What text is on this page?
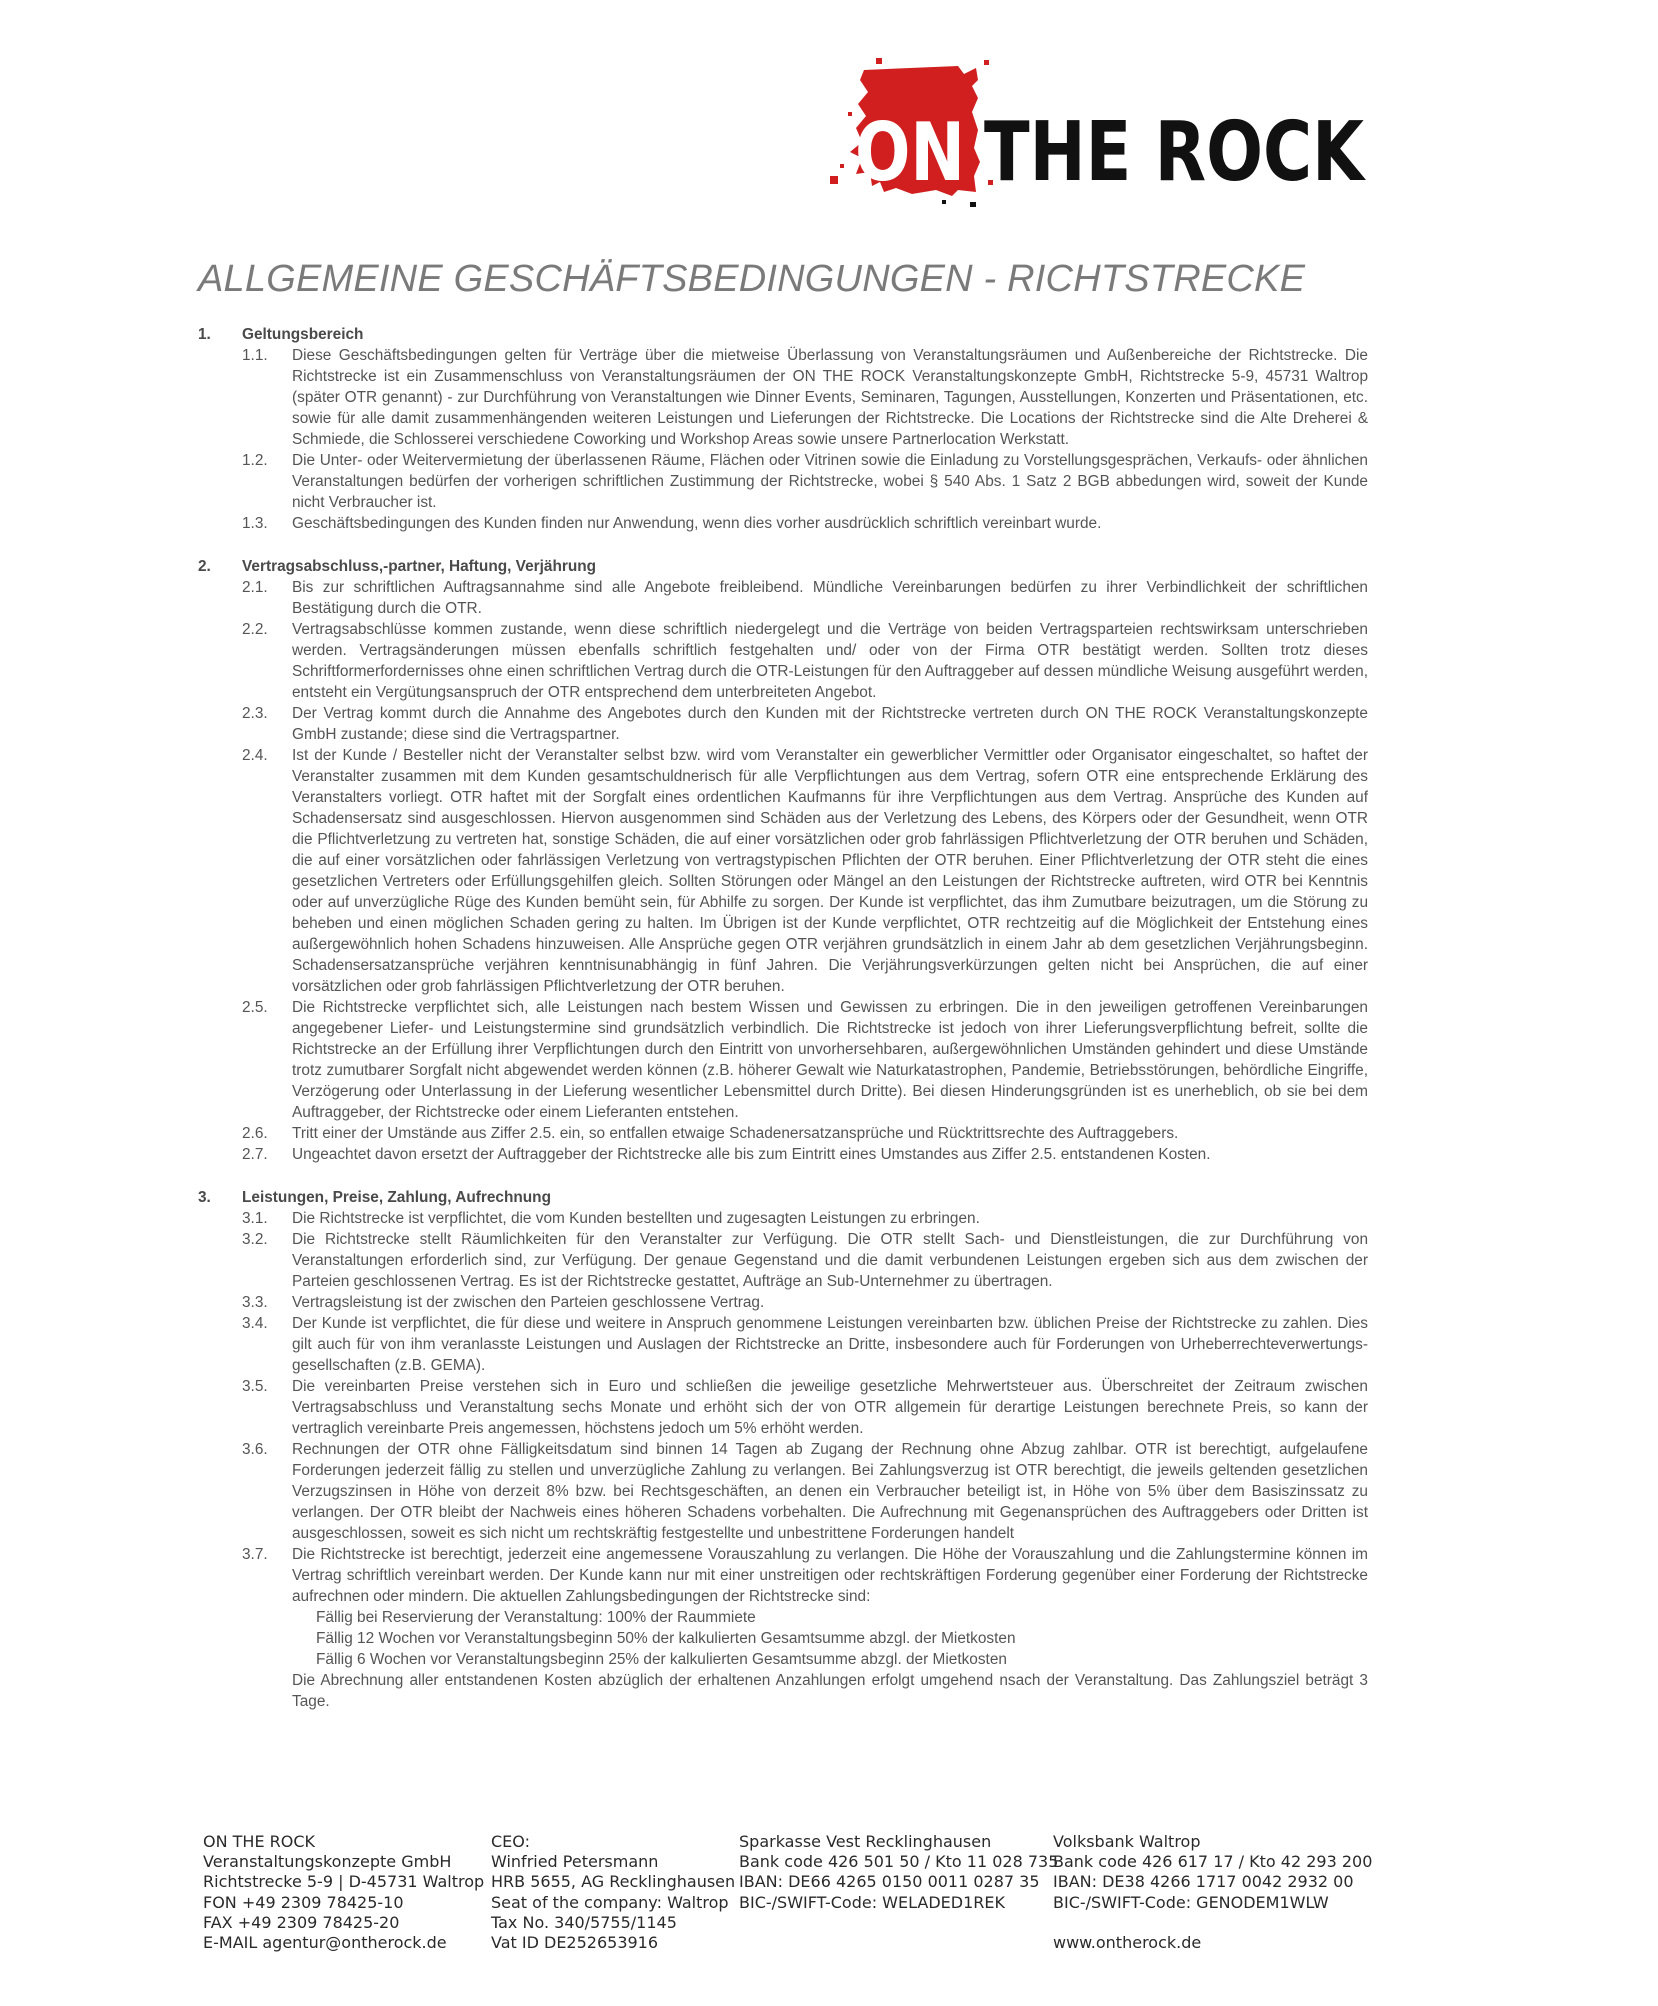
ON THE ROCK
ALLGEMEINE GESCHÄFTSBEDINGUNGEN - RICHTSTRECKE
1.	Geltungsbereich
1.1.	Diese Geschäftsbedingungen gelten für Verträge über die mietweise Überlassung von Veranstaltungsräumen und Außenbereiche der Richtstrecke. Die Richtstrecke ist ein Zusammenschluss von Veranstaltungsräumen der ON THE ROCK Veranstaltungskonzepte GmbH, Richtstrecke 5-9, 45731 Waltrop (später OTR genannt) - zur Durchführung von Veranstaltungen wie Dinner Events, Seminaren, Tagungen, Ausstellungen, Konzerten und Präsentationen, etc. sowie für alle damit zusammenhängenden weiteren Leistungen und Lieferungen der Richtstrecke. Die Locations der Richtstrecke sind die Alte Dreherei & Schmiede, die Schlosserei verschiedene Coworking und Workshop Areas sowie unsere Partnerlocation Werkstatt.
1.2.	Die Unter- oder Weitervermietung der überlassenen Räume, Flächen oder Vitrinen sowie die Einladung zu Vorstellungsgesprächen, Verkaufs- oder ähnlichen Veranstaltungen bedürfen der vorherigen schriftlichen Zustimmung der Richtstrecke, wobei § 540 Abs. 1 Satz 2 BGB abbedungen wird, soweit der Kunde nicht Verbraucher ist.
1.3.	Geschäftsbedingungen des Kunden finden nur Anwendung, wenn dies vorher ausdrücklich schriftlich vereinbart wurde.
2.	Vertragsabschluss,-partner, Haftung, Verjährung
2.1.	Bis zur schriftlichen Auftragsannahme sind alle Angebote freibleibend. Mündliche Vereinbarungen bedürfen zu ihrer Verbindlichkeit der schriftlichen Bestätigung durch die OTR.
2.2.	Vertragsabschlüsse kommen zustande, wenn diese schriftlich niedergelegt und die Verträge von beiden Vertragsparteien rechtswirksam unterschrieben werden. Vertragsänderungen müssen ebenfalls schriftlich festgehalten und/ oder von der Firma OTR bestätigt werden. Sollten trotz dieses Schriftformerfordernisses ohne einen schriftlichen Vertrag durch die OTR-Leistungen für den Auftraggeber auf dessen mündliche Weisung ausgeführt werden, entsteht ein Vergütungsanspruch der OTR entsprechend dem unterbreiteten Angebot.
2.3.	Der Vertrag kommt durch die Annahme des Angebotes durch den Kunden mit der Richtstrecke vertreten durch ON THE ROCK Veranstaltungskonzepte GmbH zustande; diese sind die Vertragspartner.
2.4.	Ist der Kunde / Besteller nicht der Veranstalter selbst bzw. wird vom Veranstalter ein gewerblicher Vermittler oder Organisator eingeschaltet, so haftet der Veranstalter zusammen mit dem Kunden gesamtschuldnerisch für alle Verpflichtungen aus dem Vertrag, sofern OTR eine entsprechende Erklärung des Veranstalters vorliegt. OTR haftet mit der Sorgfalt eines ordentlichen Kaufmanns für ihre Verpflichtungen aus dem Vertrag. Ansprüche des Kunden auf Schadensersatz sind ausgeschlossen. Hiervon ausgenommen sind Schäden aus der Verletzung des Lebens, des Körpers oder der Gesundheit, wenn OTR die Pflichtverletzung zu vertreten hat, sonstige Schäden, die auf einer vorsätzlichen oder grob fahrlässigen Pflichtverletzung der OTR beruhen und Schäden, die auf einer vorsätzlichen oder fahrlässigen Verletzung von vertragstypischen Pflichten der OTR beruhen. Einer Pflichtverletzung der OTR steht die eines gesetzlichen Vertreters oder Erfüllungsgehilfen gleich. Sollten Störungen oder Mängel an den Leistungen der Richtstrecke auftreten, wird OTR bei Kenntnis oder auf unverzügliche Rüge des Kunden bemüht sein, für Abhilfe zu sorgen. Der Kunde ist verpflichtet, das ihm Zumutbare beizutragen, um die Störung zu beheben und einen möglichen Schaden gering zu halten. Im Übrigen ist der Kunde verpflichtet, OTR rechtzeitig auf die Möglichkeit der Entstehung eines außergewöhnlich hohen Schadens hinzuweisen. Alle Ansprüche gegen OTR verjähren grundsätzlich in einem Jahr ab dem gesetzlichen Verjährungsbeginn. Schadensersatzansprüche verjähren kenntnisunabhängig in fünf Jahren. Die Verjährungsverkürzungen gelten nicht bei Ansprüchen, die auf einer vorsätzlichen oder grob fahrlässigen Pflichtverletzung der OTR beruhen.
2.5.	Die Richtstrecke verpflichtet sich, alle Leistungen nach bestem Wissen und Gewissen zu erbringen. Die in den jeweiligen getroffenen Vereinbarungen angegebener Liefer- und Leistungstermine sind grundsätzlich verbindlich. Die Richtstrecke ist jedoch von ihrer Lieferungsverpflichtung befreit, sollte die Richtstrecke an der Erfüllung ihrer Verpflichtungen durch den Eintritt von unvorhersehbaren, außergewöhnlichen Umständen gehindert und diese Umstände trotz zumutbarer Sorgfalt nicht abgewendet werden können (z.B. höherer Gewalt wie Naturkatastrophen, Pandemie, Betriebsstörungen, behördliche Eingriffe, Verzögerung oder Unterlassung in der Lieferung wesentlicher Lebensmittel durch Dritte). Bei diesen Hinderungsgründen ist es unerheblich, ob sie bei dem Auftraggeber, der Richtstrecke oder einem Lieferanten entstehen.
2.6.	Tritt einer der Umstände aus Ziffer 2.5. ein, so entfallen etwaige Schadenersatzansprüche und Rücktrittsrechte des Auftraggebers.
2.7.	Ungeachtet davon ersetzt der Auftraggeber der Richtstrecke alle bis zum Eintritt eines Umstandes aus Ziffer 2.5. entstandenen Kosten.
3.	Leistungen, Preise, Zahlung, Aufrechnung
3.1.	Die Richtstrecke ist verpflichtet, die vom Kunden bestellten und zugesagten Leistungen zu erbringen.
3.2.	Die Richtstrecke stellt Räumlichkeiten für den Veranstalter zur Verfügung. Die OTR stellt Sach- und Dienstleistungen, die zur Durchführung von Veranstaltungen erforderlich sind, zur Verfügung. Der genaue Gegenstand und die damit verbundenen Leistungen ergeben sich aus dem zwischen der Parteien geschlossenen Vertrag. Es ist der Richtstrecke gestattet, Aufträge an Sub-Unternehmer zu übertragen.
3.3.	Vertragsleistung ist der zwischen den Parteien geschlossene Vertrag.
3.4.	Der Kunde ist verpflichtet, die für diese und weitere in Anspruch genommene Leistungen vereinbarten bzw. üblichen Preise der Richtstrecke zu zahlen. Dies gilt auch für von ihm veranlasste Leistungen und Auslagen der Richtstrecke an Dritte, insbesondere auch für Forderungen von Urheberrechteverwertungs-gesellschaften (z.B. GEMA).
3.5.	Die vereinbarten Preise verstehen sich in Euro und schließen die jeweilige gesetzliche Mehrwertsteuer aus. Überschreitet der Zeitraum zwischen Vertragsabschluss und Veranstaltung sechs Monate und erhöht sich der von OTR allgemein für derartige Leistungen berechnete Preis, so kann der vertraglich vereinbarte Preis angemessen, höchstens jedoch um 5% erhöht werden.
3.6.	Rechnungen der OTR ohne Fälligkeitsdatum sind binnen 14 Tagen ab Zugang der Rechnung ohne Abzug zahlbar. OTR ist berechtigt, aufgelaufene Forderungen jederzeit fällig zu stellen und unverzügliche Zahlung zu verlangen. Bei Zahlungsverzug ist OTR berechtigt, die jeweils geltenden gesetzlichen Verzugszinsen in Höhe von derzeit 8% bzw. bei Rechtsgeschäften, an denen ein Verbraucher beteiligt ist, in Höhe von 5% über dem Basiszinssatz zu verlangen. Der OTR bleibt der Nachweis eines höheren Schadens vorbehalten. Die Aufrechnung mit Gegenansprüchen des Auftraggebers oder Dritten ist ausgeschlossen, soweit es sich nicht um rechtskräftig festgestellte und unbestrittene Forderungen handelt
3.7.	Die Richtstrecke ist berechtigt, jederzeit eine angemessene Vorauszahlung zu verlangen. Die Höhe der Vorauszahlung und die Zahlungstermine können im Vertrag schriftlich vereinbart werden. Der Kunde kann nur mit einer unstreitigen oder rechtskräftigen Forderung gegenüber einer Forderung der Richtstrecke aufrechnen oder mindern. Die aktuellen Zahlungsbedingungen der Richtstrecke sind:
Fällig bei Reservierung der Veranstaltung: 100% der Raummiete
Fällig 12 Wochen vor Veranstaltungsbeginn 50% der kalkulierten Gesamtsumme abzgl. der Mietkosten
Fällig 6 Wochen vor Veranstaltungsbeginn 25% der kalkulierten Gesamtsumme abzgl. der Mietkosten
Die Abrechnung aller entstandenen Kosten abzüglich der erhaltenen Anzahlungen erfolgt umgehend nsach der Veranstaltung. Das Zahlungsziel beträgt 3 Tage.
ON THE ROCK
Veranstaltungskonzepte GmbH
Richtstrecke 5-9 | D-45731 Waltrop
FON +49 2309 78425-10
FAX +49 2309 78425-20
E-MAIL agentur@ontherock.de
CEO:
Winfried Petersmann
HRB 5655, AG Recklinghausen
Seat of the company: Waltrop
Tax No. 340/5755/1145
Vat ID DE252653916
Sparkasse Vest Recklinghausen
Bank code 426 501 50 / Kto 11 028 735
IBAN: DE66 4265 0150 0011 0287 35
BIC-/SWIFT-Code: WELADED1REK
Volksbank Waltrop
Bank code 426 617 17 / Kto 42 293 200
IBAN: DE38 4266 1717 0042 2932 00
BIC-/SWIFT-Code: GENODEM1WLW
www.ontherock.de
